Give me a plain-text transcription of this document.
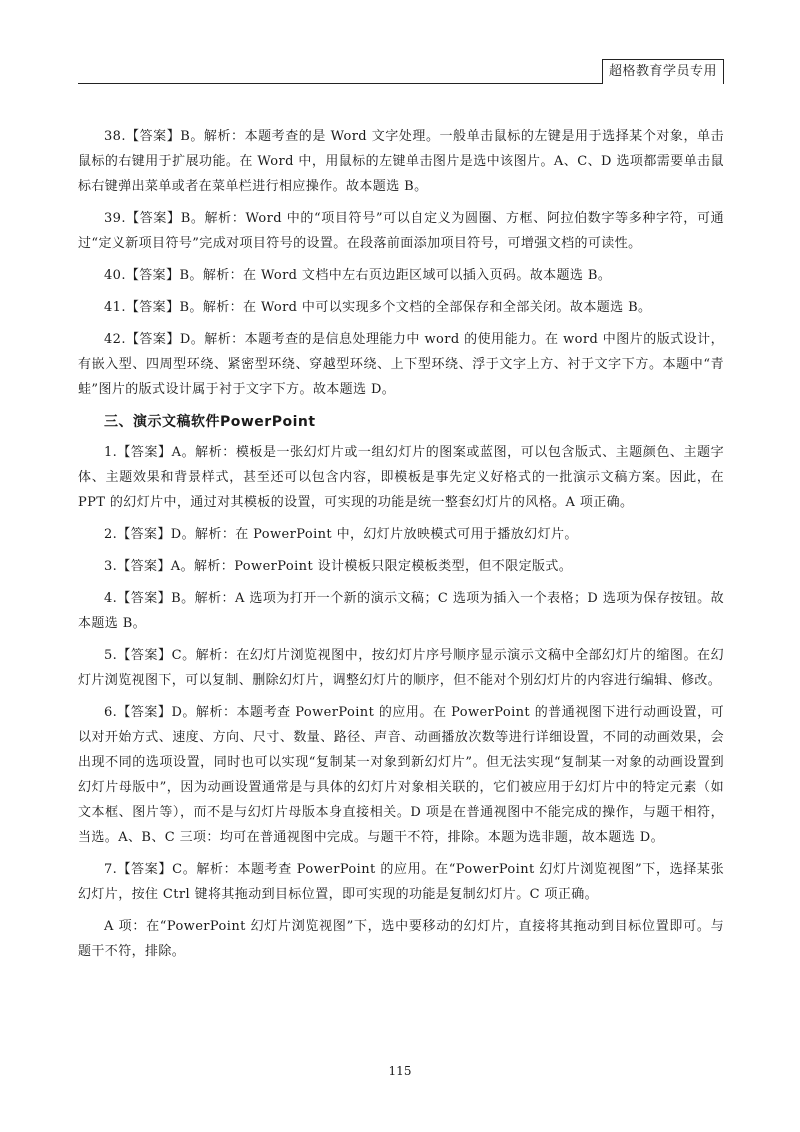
超格教育学员专用

38.【答案】B。解析：本题考查的是 Word 文字处理。一般单击鼠标的左键是用于选择某个对象，单击鼠标的右键用于扩展功能。在 Word 中，用鼠标的左键单击图片是选中该图片。A、C、D 选项都需要单击鼠标右键弹出菜单或者在菜单栏进行相应操作。故本题选 B。

39.【答案】B。解析：Word 中的“项目符号”可以自定义为圆圈、方框、阿拉伯数字等多种字符，可通过“定义新项目符号”完成对项目符号的设置。在段落前面添加项目符号，可增强文档的可读性。

40.【答案】B。解析：在 Word 文档中左右页边距区域可以插入页码。故本题选 B。

41.【答案】B。解析：在 Word 中可以实现多个文档的全部保存和全部关闭。故本题选 B。

42.【答案】D。解析：本题考查的是信息处理能力中 word 的使用能力。在 word 中图片的版式设计，有嵌入型、四周型环绕、紧密型环绕、穿越型环绕、上下型环绕、浮于文字上方、衬于文字下方。本题中“青蛙”图片的版式设计属于衬于文字下方。故本题选 D。

三、演示文稿软件PowerPoint

1.【答案】A。解析：模板是一张幻灯片或一组幻灯片的图案或蓝图，可以包含版式、主题颜色、主题字体、主题效果和背景样式，甚至还可以包含内容，即模板是事先定义好格式的一批演示文稿方案。因此，在 PPT 的幻灯片中，通过对其模板的设置，可实现的功能是统一整套幻灯片的风格。A 项正确。

2.【答案】D。解析：在 PowerPoint 中，幻灯片放映模式可用于播放幻灯片。

3.【答案】A。解析：PowerPoint 设计模板只限定模板类型，但不限定版式。

4.【答案】B。解析：A 选项为打开一个新的演示文稿；C 选项为插入一个表格；D 选项为保存按钮。故本题选 B。

5.【答案】C。解析：在幻灯片浏览视图中，按幻灯片序号顺序显示演示文稿中全部幻灯片的缩图。在幻灯片浏览视图下，可以复制、删除幻灯片，调整幻灯片的顺序，但不能对个别幻灯片的内容进行编辑、修改。

6.【答案】D。解析：本题考查 PowerPoint 的应用。在 PowerPoint 的普通视图下进行动画设置，可以对开始方式、速度、方向、尺寸、数量、路径、声音、动画播放次数等进行详细设置，不同的动画效果，会出现不同的选项设置，同时也可以实现“复制某一对象到新幻灯片”。但无法实现“复制某一对象的动画设置到幻灯片母版中”，因为动画设置通常是与具体的幻灯片对象相关联的，它们被应用于幻灯片中的特定元素（如文本框、图片等），而不是与幻灯片母版本身直接相关。D 项是在普通视图中不能完成的操作，与题干相符，当选。A、B、C 三项：均可在普通视图中完成。与题干不符，排除。本题为选非题，故本题选 D。

7.【答案】C。解析：本题考查 PowerPoint 的应用。在“PowerPoint 幻灯片浏览视图”下，选择某张幻灯片，按住 Ctrl 键将其拖动到目标位置，即可实现的功能是复制幻灯片。C 项正确。

A 项：在“PowerPoint 幻灯片浏览视图”下，选中要移动的幻灯片，直接将其拖动到目标位置即可。与题干不符，排除。

115
